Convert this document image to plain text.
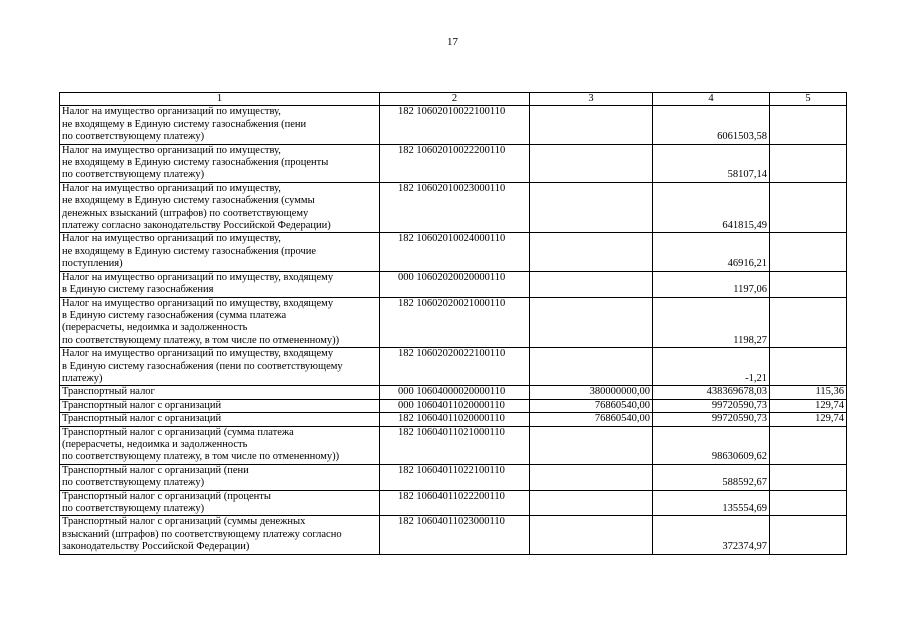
17
1	2	3	4	5

Налог на имущество организаций по имуществу,
не входящему в Единую систему газоснабжения (пени
по соответствующему платежу)	182 10602010022100110		6061503,58	

Налог на имущество организаций по имуществу,
не входящему в Единую систему газоснабжения (проценты
по соответствующему платежу)	182 10602010022200110		58107,14	

Налог на имущество организаций по имуществу,
не входящему в Единую систему газоснабжения (суммы
денежных взысканий (штрафов) по соответствующему
платежу согласно законодательству Российской Федерации)	182 10602010023000110		641815,49	

Налог на имущество организаций по имуществу,
не входящему в Единую систему газоснабжения (прочие
поступления)	182 10602010024000110		46916,21	

Налог на имущество организаций по имуществу, входящему
в Единую систему газоснабжения	000 10602020020000110		1197,06	

Налог на имущество организаций по имуществу, входящему
в Единую систему газоснабжения (сумма платежа
(перерасчеты, недоимка и задолженность
по соответствующему платежу, в том числе по отмененному))	182 10602020021000110		1198,27	

Налог на имущество организаций по имуществу, входящему
в Единую систему газоснабжения (пени по соответствующему
платежу)	182 10602020022100110		-1,21	

Транспортный налог	000 10604000020000110	380000000,00	438369678,03	115,36

Транспортный налог с организаций	000 10604011020000110	76860540,00	99720590,73	129,74

Транспортный налог с организаций	182 10604011020000110	76860540,00	99720590,73	129,74

Транспортный налог с организаций (сумма платежа
(перерасчеты, недоимка и задолженность
по соответствующему платежу, в том числе по отмененному))	182 10604011021000110		98630609,62	

Транспортный налог с организаций (пени
по соответствующему платежу)	182 10604011022100110		588592,67	

Транспортный налог с организаций (проценты
по соответствующему платежу)	182 10604011022200110		135554,69	

Транспортный налог с организаций (суммы денежных
взысканий (штрафов) по соответствующему платежу согласно
законодательству Российской Федерации)	182 10604011023000110		372374,97	
